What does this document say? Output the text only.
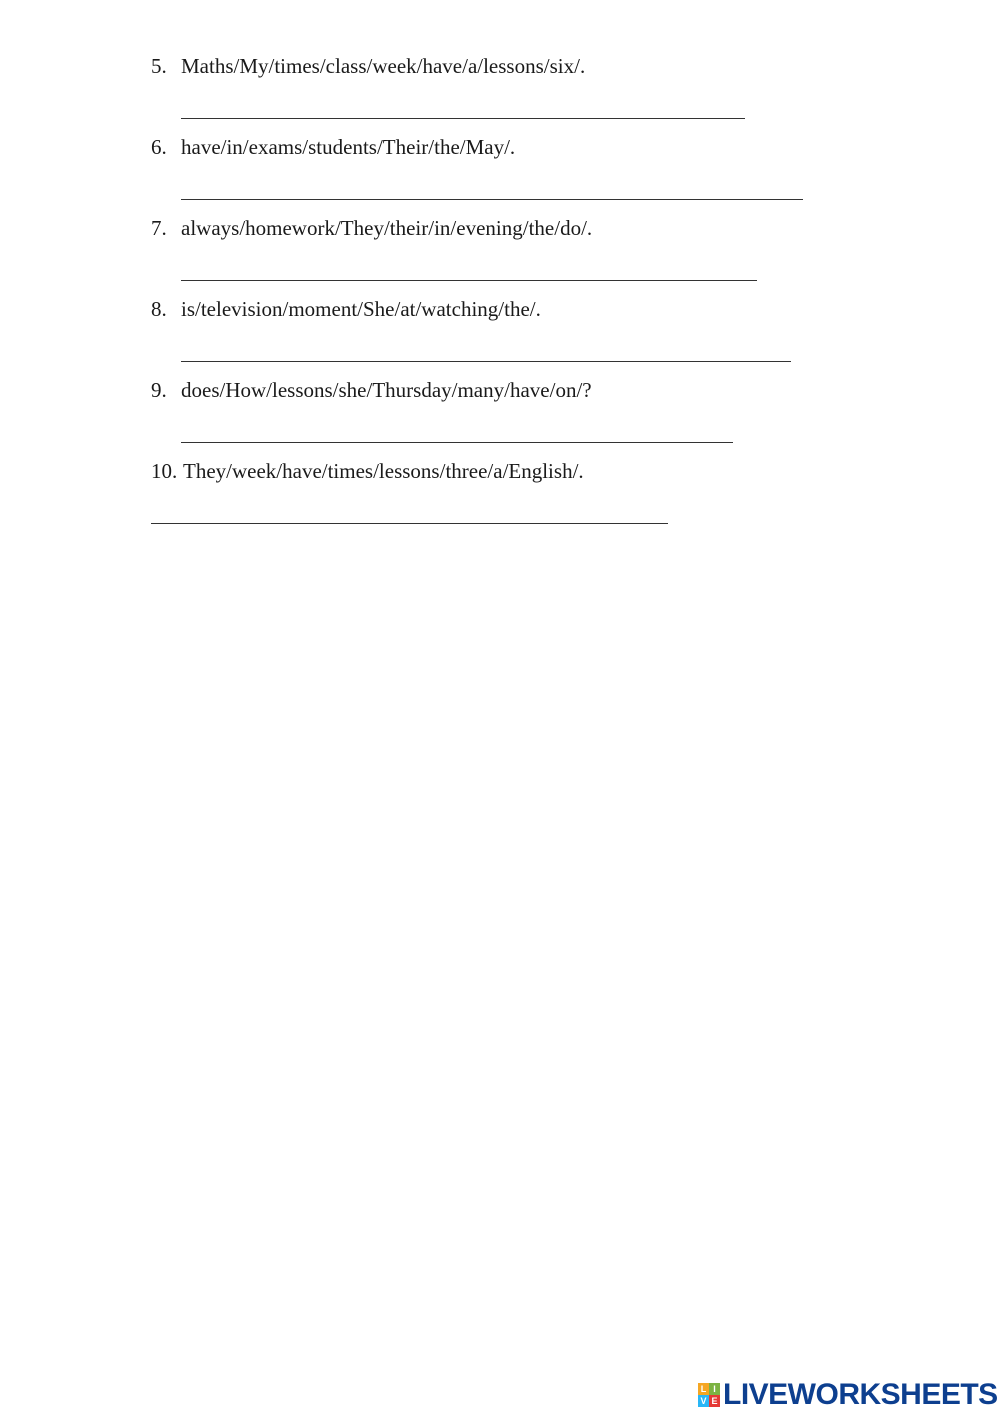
5. Maths/My/times/class/week/have/a/lessons/six/.
6. have/in/exams/students/Their/the/May/.
7. always/homework/They/their/in/evening/the/do/.
8. is/television/moment/She/at/watching/the/.
9. does/How/lessons/she/Thursday/many/have/on/?
10. They/week/have/times/lessons/three/a/English/.
L I
V E LIVEWORKSHEETS
